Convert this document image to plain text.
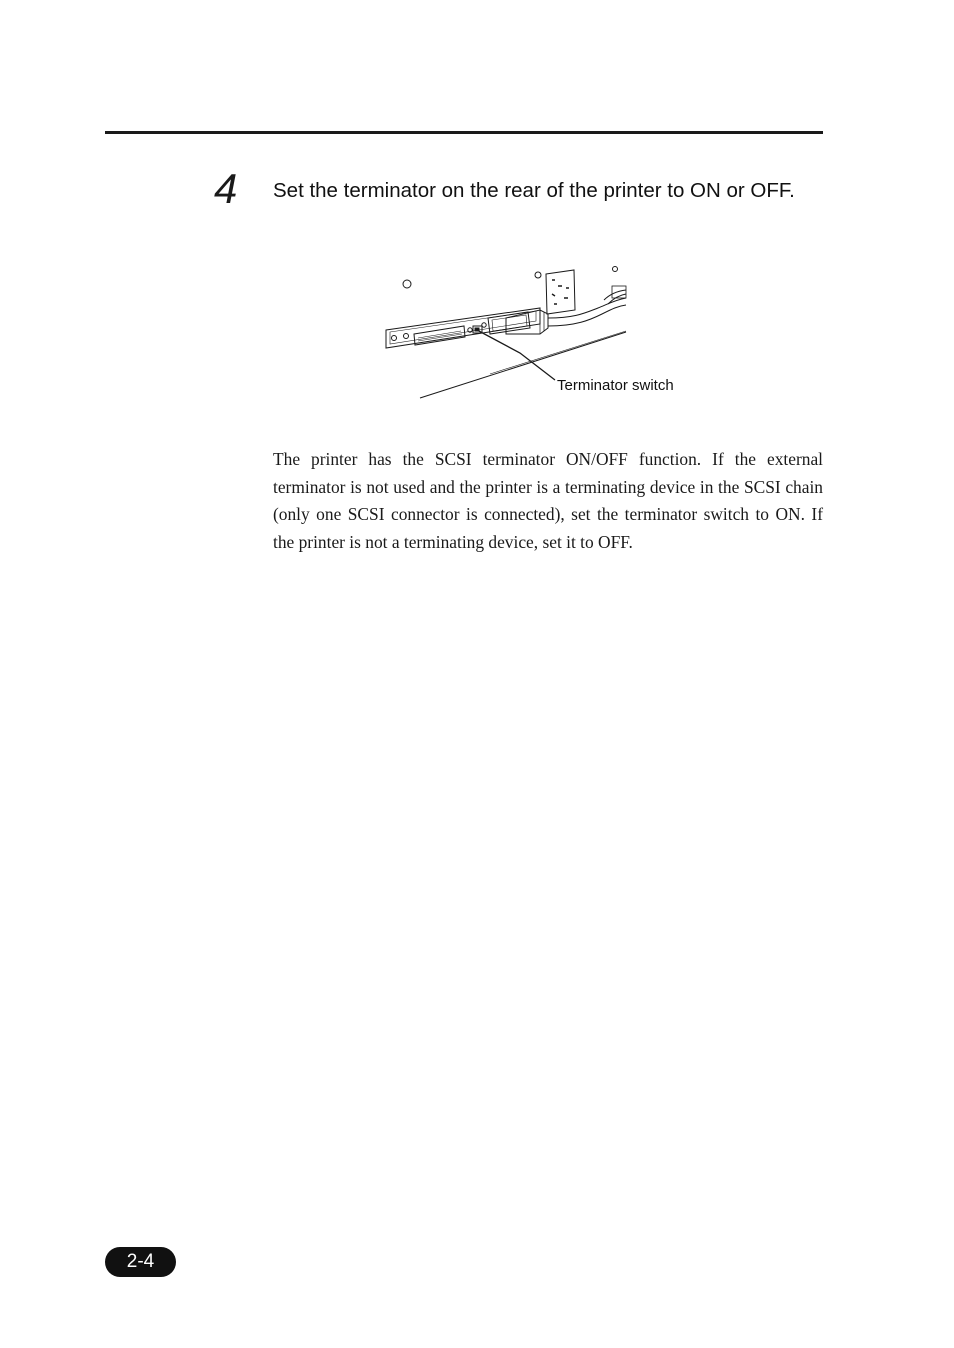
4 Set the terminator on the rear of the printer to ON or OFF.
Terminator switch

The printer has the SCSI terminator ON/OFF function. If the external terminator is not used and the printer is a terminating device in the SCSI chain (only one SCSI connector is connected), set the terminator switch to ON. If the printer is not a terminating device, set it to OFF.

2-4
